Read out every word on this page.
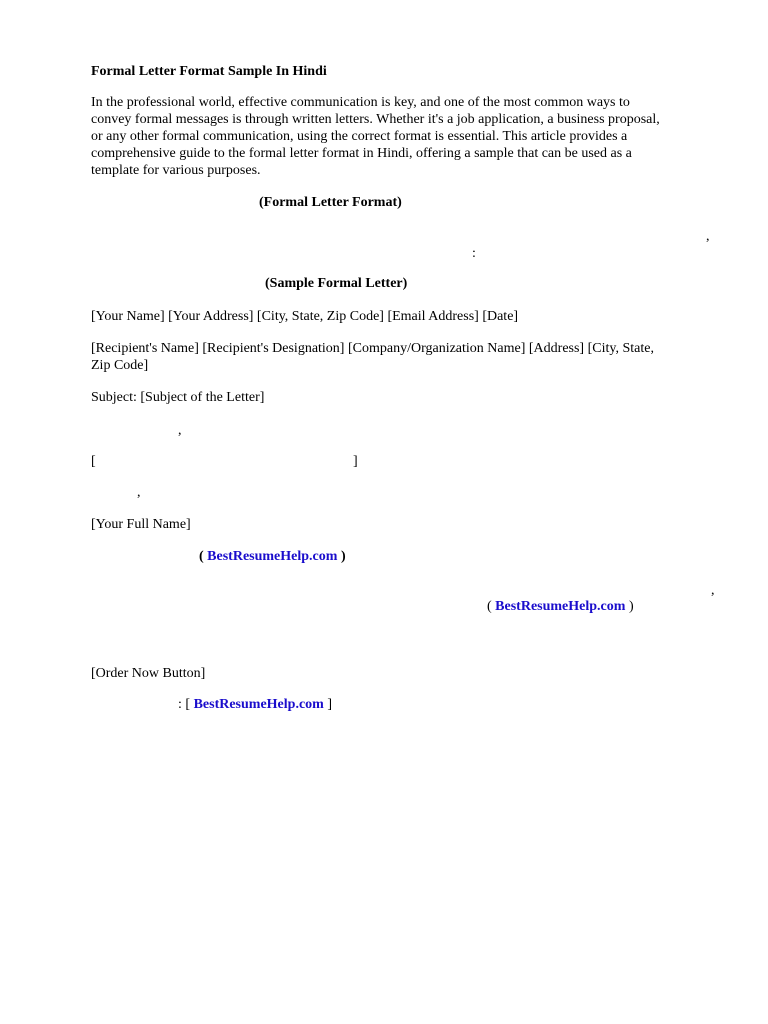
Formal Letter Format Sample In Hindi
In the professional world, effective communication is key, and one of the most common ways to
convey formal messages is through written letters. Whether it's a job application, a business proposal,
or any other formal communication, using the correct format is essential. This article provides a
comprehensive guide to the formal letter format in Hindi, offering a sample that can be used as a
template for various purposes.
(Formal Letter Format)
,
:
(Sample Formal Letter)
[Your Name] [Your Address] [City, State, Zip Code] [Email Address] [Date]
[Recipient's Name] [Recipient's Designation] [Company/Organization Name] [Address] [City, State,
Zip Code]
Subject: [Subject of the Letter]
,
[	]
,
[Your Full Name]
( BestResumeHelp.com )
,
( BestResumeHelp.com )
[Order Now Button]
: [ BestResumeHelp.com ]
